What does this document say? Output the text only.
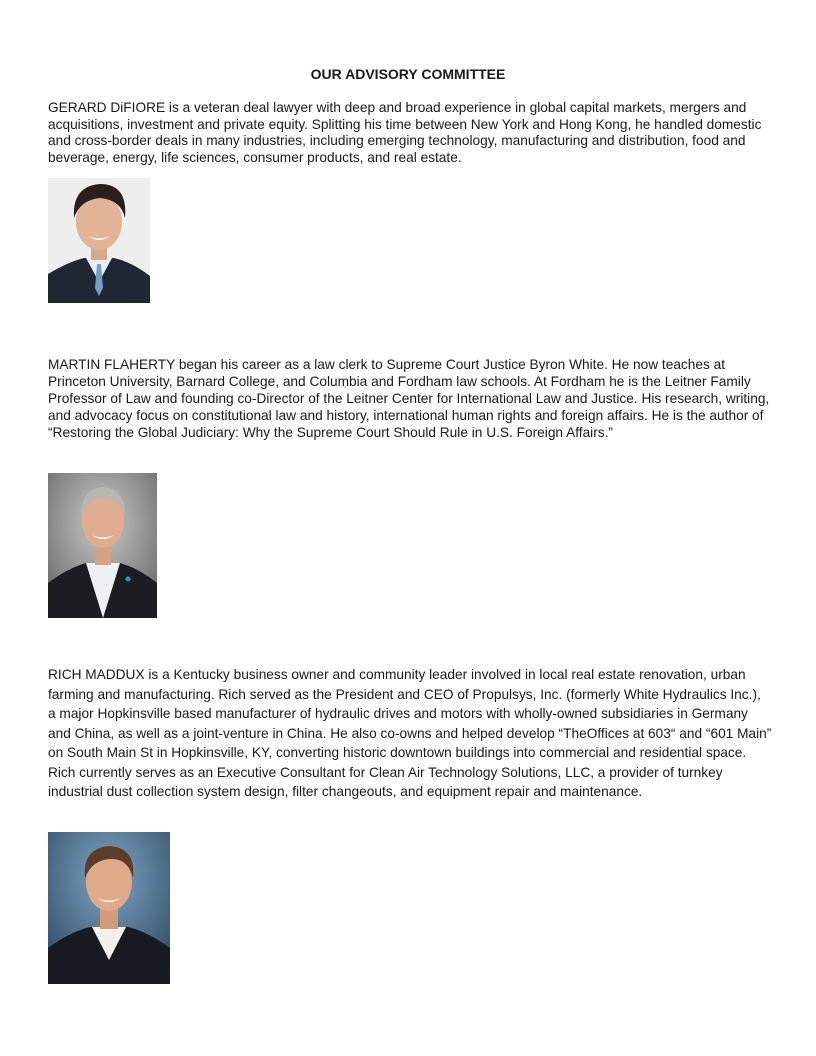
OUR ADVISORY COMMITTEE

GERARD DiFIORE is a veteran deal lawyer with deep and broad experience in global capital markets, mergers and acquisitions, investment and private equity. Splitting his time between New York and Hong Kong, he handled domestic and cross-border deals in many industries, including emerging technology, manufacturing and distribution, food and beverage, energy, life sciences, consumer products, and real estate.

MARTIN FLAHERTY began his career as a law clerk to Supreme Court Justice Byron White. He now teaches at Princeton University, Barnard College, and Columbia and Fordham law schools. At Fordham he is the Leitner Family Professor of Law and founding co-Director of the Leitner Center for International Law and Justice. His research, writing, and advocacy focus on constitutional law and history, international human rights and foreign affairs. He is the author of “Restoring the Global Judiciary: Why the Supreme Court Should Rule in U.S. Foreign Affairs.”

RICH MADDUX is a Kentucky business owner and community leader involved in local real estate renovation, urban farming and manufacturing. Rich served as the President and CEO of Propulsys, Inc. (formerly White Hydraulics Inc.), a major Hopkinsville based manufacturer of hydraulic drives and motors with wholly-owned subsidiaries in Germany and China, as well as a joint-venture in China. He also co-owns and helped develop “TheOffices at 603“ and “601 Main” on South Main St in Hopkinsville, KY, converting historic downtown buildings into commercial and residential space. Rich currently serves as an Executive Consultant for Clean Air Technology Solutions, LLC, a provider of turnkey industrial dust collection system design, filter changeouts, and equipment repair and maintenance.
